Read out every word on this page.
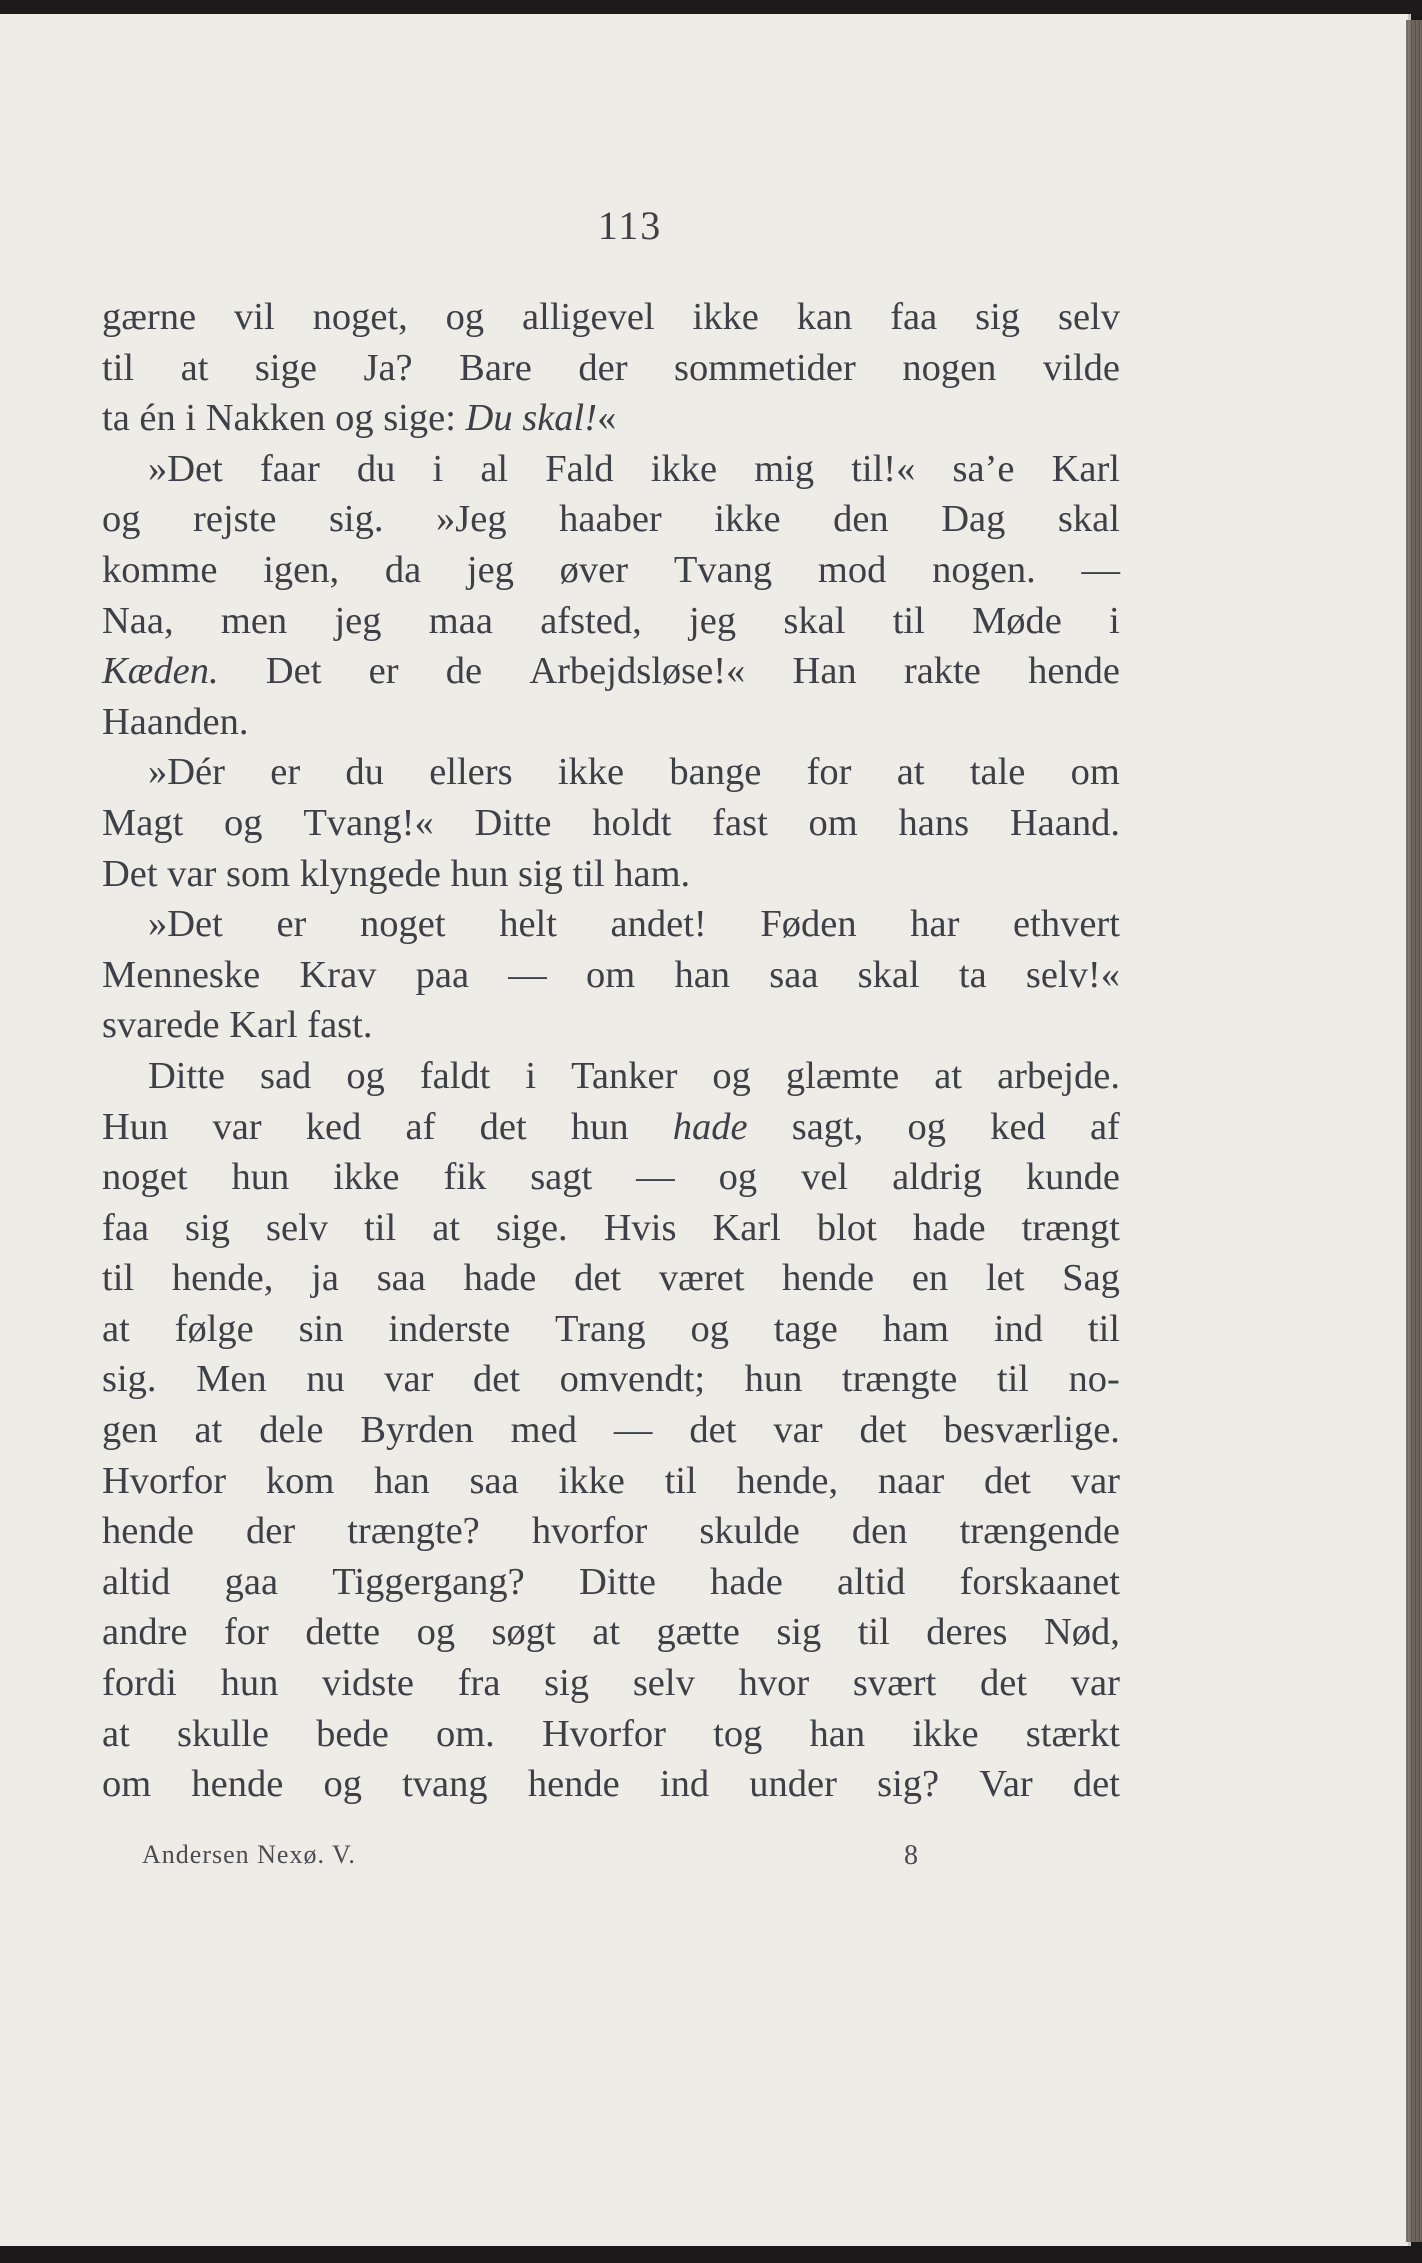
113
gærne vil noget, og alligevel ikke kan faa sig selv
til at sige Ja? Bare der sommetider nogen vilde
ta én i Nakken og sige: Du skal! «
»Det faar du i al Fald ikke mig til!« sa’e Karl
og rejste sig. »Jeg haaber ikke den Dag skal
komme igen, da jeg øver Tvang mod nogen. —
Naa, men jeg maa afsted, jeg skal til Møde i
Kæden. Det er de Arbejdsløse!« Han rakte hende
Haanden.
»Dér er du ellers ikke bange for at tale om
Magt og Tvang!« Ditte holdt fast om hans Haand.
Det var som klyngede hun sig til ham.
»Det er noget helt andet! Føden har ethvert
Menneske Krav paa — om han saa skal ta selv!«
svarede Karl fast.
Ditte sad og faldt i Tanker og glæmte at arbejde.
Hun var ked af det hun hade sagt, og ked af
noget hun ikke fik sagt — og vel aldrig kunde
faa sig selv til at sige. Hvis Karl blot hade trængt
til hende, ja saa hade det været hende en let Sag
at følge sin inderste Trang og tage ham ind til
sig. Men nu var det omvendt; hun trængte til no-
gen at dele Byrden med — det var det besværlige.
Hvorfor kom han saa ikke til hende, naar det var
hende der trængte? hvorfor skulde den trængende
altid gaa Tiggergang? Ditte hade altid forskaanet
andre for dette og søgt at gætte sig til deres Nød,
fordi hun vidste fra sig selv hvor svært det var
at skulle bede om. Hvorfor tog han ikke stærkt
om hende og tvang hende ind under sig? Var det
Andersen Nexø. V.	8
